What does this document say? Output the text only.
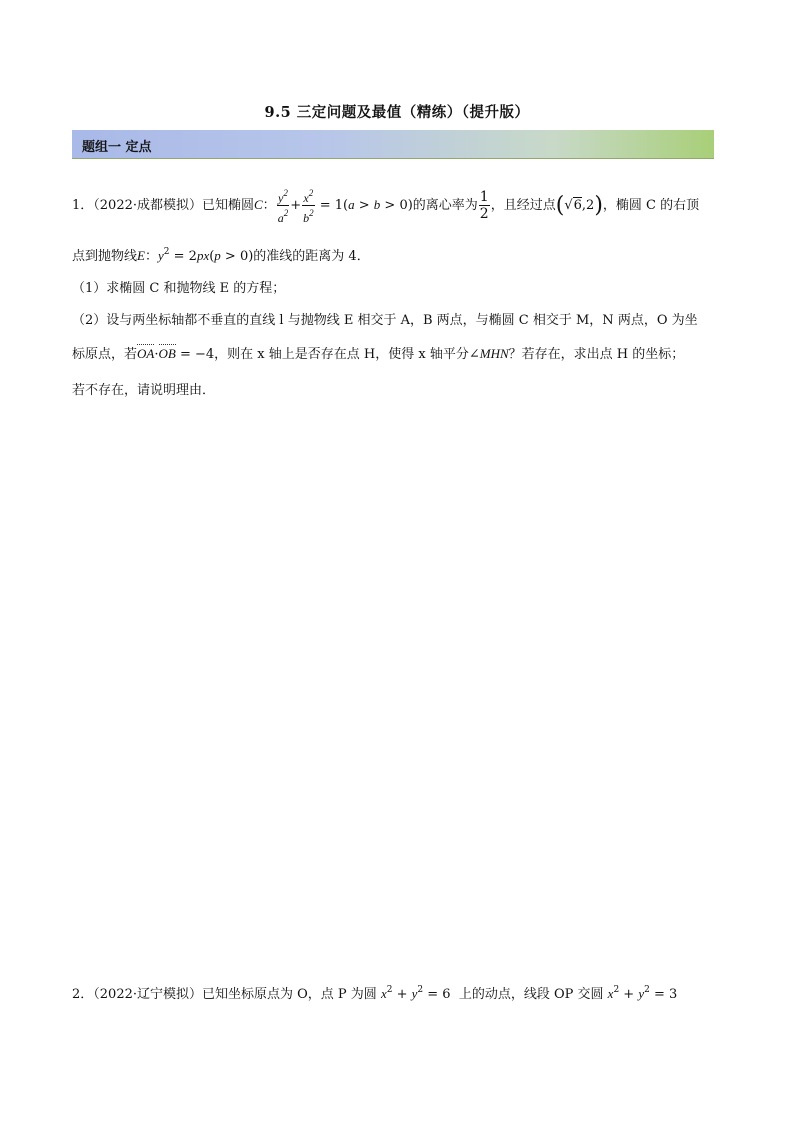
9.5 三定问题及最值（精练）（提升版）
题组一 定点
1．（2022·成都模拟）已知椭圆C： $\frac{y^2}{a^2} + \frac{x^2}{b^2} = 1(a > b > 0)$的离心率为 $\frac{1}{2}$ ，且经过点(√6,2)，椭圆 C 的右顶
点到抛物线E：$y^2 = 2px(p > 0)$的准线的距离为 4．
（1）求椭圆 C 和抛物线 E 的方程；
（2）设与两坐标轴都不垂直的直线 l 与抛物线 E 相交于 A，B 两点，与椭圆 C 相交于 M，N 两点，O 为坐
标原点，若OA·OB = −4，则在 x 轴上是否存在点 H，使得 x 轴平分∠MHN？若存在，求出点 H 的坐标；
若不存在，请说明理由．
2．（2022·辽宁模拟）已知坐标原点为 O，点 P 为圆 $x^2 + y^2 = 6$ 上的动点，线段 OP 交圆 $x^2 + y^2 = 3$
